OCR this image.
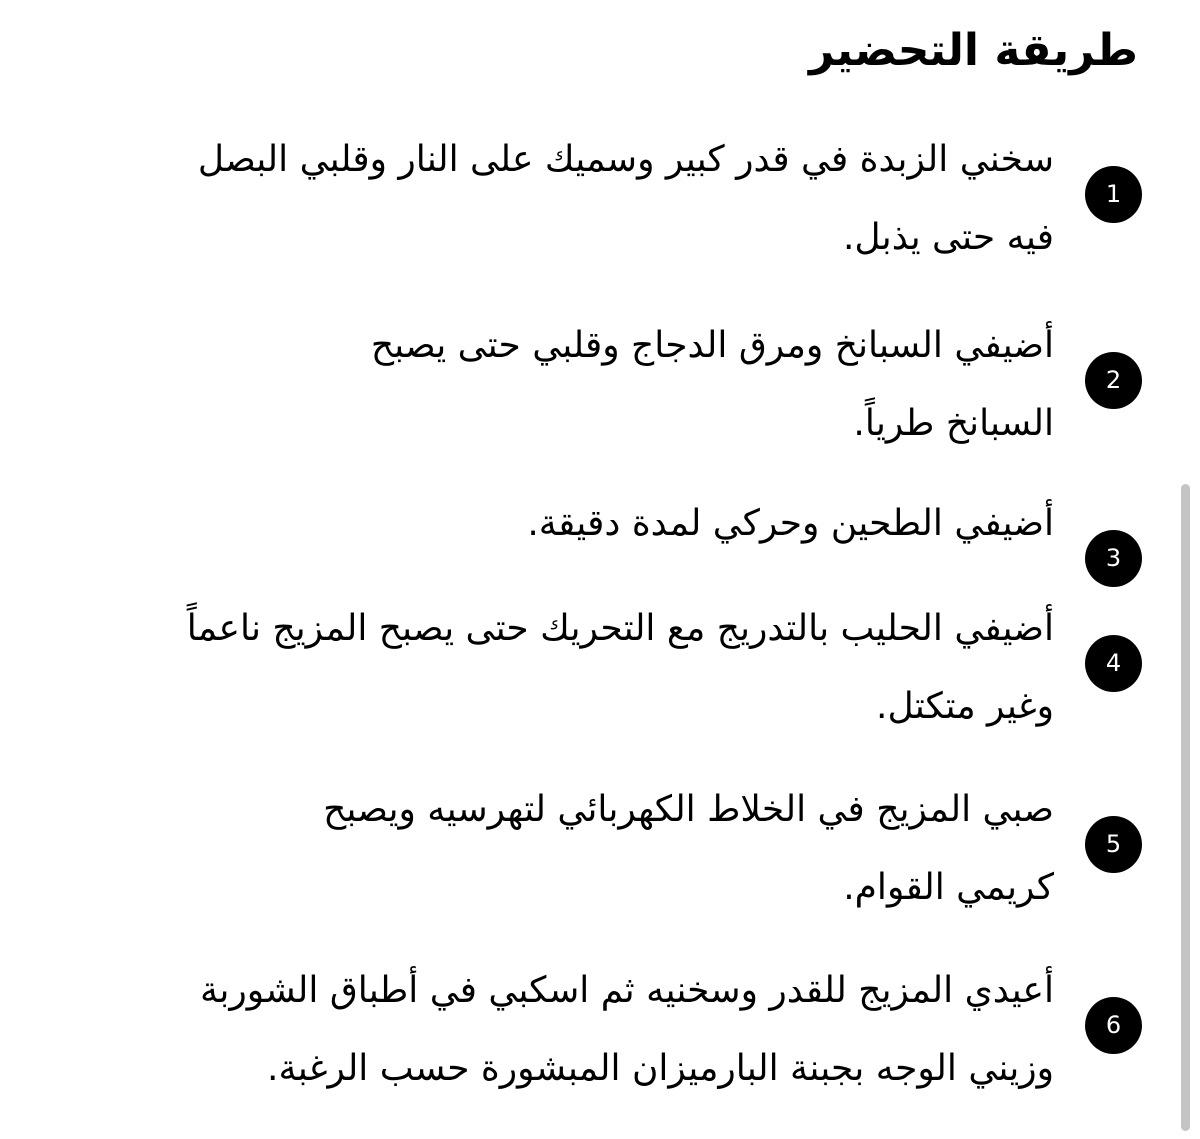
طريقة التحضير
1

سخني الزبدة في قدر كبير وسميك على النار وقلبي البصل

فيه حتى يذبل.

2

أضيفي السبانخ ومرق الدجاج وقلبي حتى يصبح

السبانخ طرياً.

3

أضيفي الطحين وحركي لمدة دقيقة.

4

أضيفي الحليب بالتدريج مع التحريك حتى يصبح المزيج ناعماً

وغير متكتل.

5

صبي المزيج في الخلاط الكهربائي لتهرسيه ويصبح

كريمي القوام.

6

أعيدي المزيج للقدر وسخنيه ثم اسكبي في أطباق الشوربة

وزيني الوجه بجبنة البارميزان المبشورة حسب الرغبة.
